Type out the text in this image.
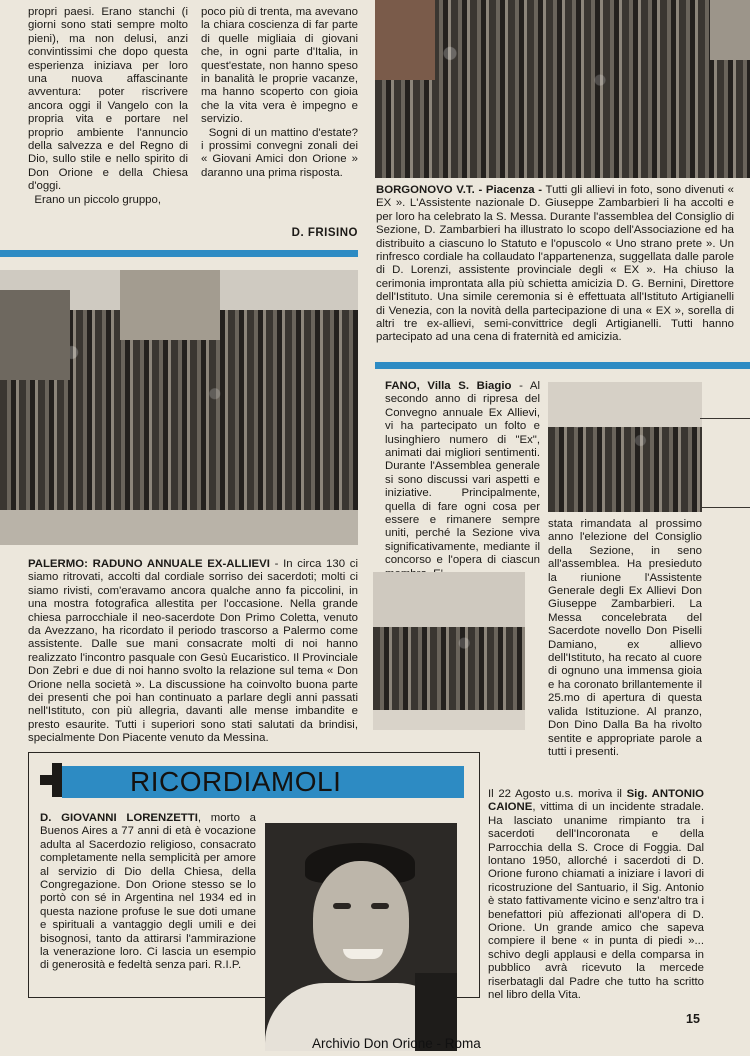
propri paesi. Erano stanchi (i giorni sono stati sempre molto pieni), ma non delusi, anzi convintissimi che dopo questa esperienza iniziava per loro una nuova affascinante avventura: poter riscrivere ancora oggi il Vangelo con la propria vita e portare nel proprio ambiente l'annuncio della salvezza e del Regno di Dio, sullo stile e nello spirito di Don Orione e della Chiesa d'oggi.
Erano un piccolo gruppo,

poco più di trenta, ma avevano la chiara coscienza di far parte di quelle migliaia di giovani che, in ogni parte d'Italia, in quest'estate, non hanno speso in banalità le proprie vacanze, ma hanno scoperto con gioia che la vita vera è impegno e servizio.
Sogni di un mattino d'estate? i prossimi convegni zonali dei « Giovani Amici don Orione » daranno una prima risposta.

D. FRISINO

BORGONOVO V.T. - Piacenza - Tutti gli allievi in foto, sono divenuti « EX ». L'Assistente nazionale D. Giuseppe Zambarbieri li ha accolti e per loro ha celebrato la S. Messa. Durante l'assemblea del Consiglio di Sezione, D. Zambarbieri ha illustrato lo scopo dell'Associazione ed ha distribuito a ciascuno lo Statuto e l'opuscolo « Uno strano prete ». Un rinfresco cordiale ha collaudato l'appartenenza, suggellata dalle parole di D. Lorenzi, assistente provinciale degli « EX ». Ha chiuso la cerimonia improntata alla più schietta amicizia D. G. Bernini, Direttore dell'Istituto. Una simile ceremonia si è effettuata all'Istituto Artigianelli di Venezia, con la novità della partecipazione di una « EX », sorella di altri tre ex-allievi, semi-convittrice degli Artigianelli. Tutti hanno partecipato ad una cena di fraternità ed amicizia.

FANO, Villa S. Biagio - Al secondo anno di ripresa del Convegno annuale Ex Allievi, vi ha partecipato un folto e lusinghiero numero di "Ex", animati dai migliori sentimenti. Durante l'Assemblea generale si sono discussi vari aspetti e iniziative. Principalmente, quella di fare ogni cosa per essere e rimanere sempre uniti, perché la Sezione viva significativamente, mediante il concorso e l'opera di ciascun

stata rimandata al prossimo anno l'elezione del Consiglio della Sezione, in seno all'assemblea. Ha presieduto la riunione l'Assistente Generale degli Ex Allievi Don Giuseppe Zambarbieri. La Messa concelebrata del Sacerdote novello Don Piselli Damiano, ex allievo dell'Istituto, ha recato al cuore di ognuno una immensa gioia e ha coronato brillantemente il 25.mo di apertura di questa valida Istituzione. Al pranzo, Don Dino Dalla Ba ha rivolto sentite e appropriate parole a tutti i presenti.

PALERMO: RADUNO ANNUALE EX-ALLIEVI - In circa 130 ci siamo ritrovati, accolti dal cordiale sorriso dei sacerdoti; molti ci siamo rivisti, com'eravamo ancora qualche anno fa piccolini, in una mostra fotografica allestita per l'occasione. Nella grande chiesa parrocchiale il neo-sacerdote Don Primo Coletta, venuto da Avezzano, ha ricordato il periodo trascorso a Palermo come assistente. Dalle sue mani consacrate molti di noi hanno realizzato l'incontro pasquale con Gesù Eucaristico. Il Provinciale Don Zebri e due di noi hanno svolto la relazione sul tema « Don Orione nella società ». La discussione ha coinvolto buona parte dei presenti che poi han continuato a parlare degli anni passati nell'Istituto, con più allegria, davanti alle mense imbandite e presto esaurite. Tutti i superiori sono stati salutati da brindisi, specialmente Don Piacente venuto da Messina.

RICORDIAMOLI

D. GIOVANNI LORENZETTI, morto a Buenos Aires a 77 anni di età è vocazione adulta al Sacerdozio religioso, consacrato completamente nella semplicità per amore al servizio di Dio della Chiesa, della Congregazione. Don Orione stesso se lo portò con sé in Argentina nel 1934 ed in questa nazione profuse le sue doti umane e spirituali a vantaggio degli umili e dei bisognosi, tanto da attirarsi l'ammirazione la venerazione loro. Ci lascia un esempio di generosità e fedeltà senza pari. R.I.P.

Il 22 Agosto u.s. moriva il Sig. ANTONIO CAIONE, vittima di un incidente stradale. Ha lasciato unanime rimpianto tra i sacerdoti dell'Incoronata e della Parrocchia della S. Croce di Foggia. Dal lontano 1950, allorché i sacerdoti di D. Orione furono chiamati a iniziare i lavori di ricostruzione del Santuario, il Sig. Antonio è stato fattivamente vicino e senz'altro tra i benefattori più affezionati all'opera di D. Orione. Un grande amico che sapeva compiere il bene « in punta di piedi »... schivo degli applausi e della comparsa in pubblico avrà ricevuto la mercede riserbatagli dal Padre che tutto ha scritto nel libro della Vita.

15
Archivio Don Orione - Roma
